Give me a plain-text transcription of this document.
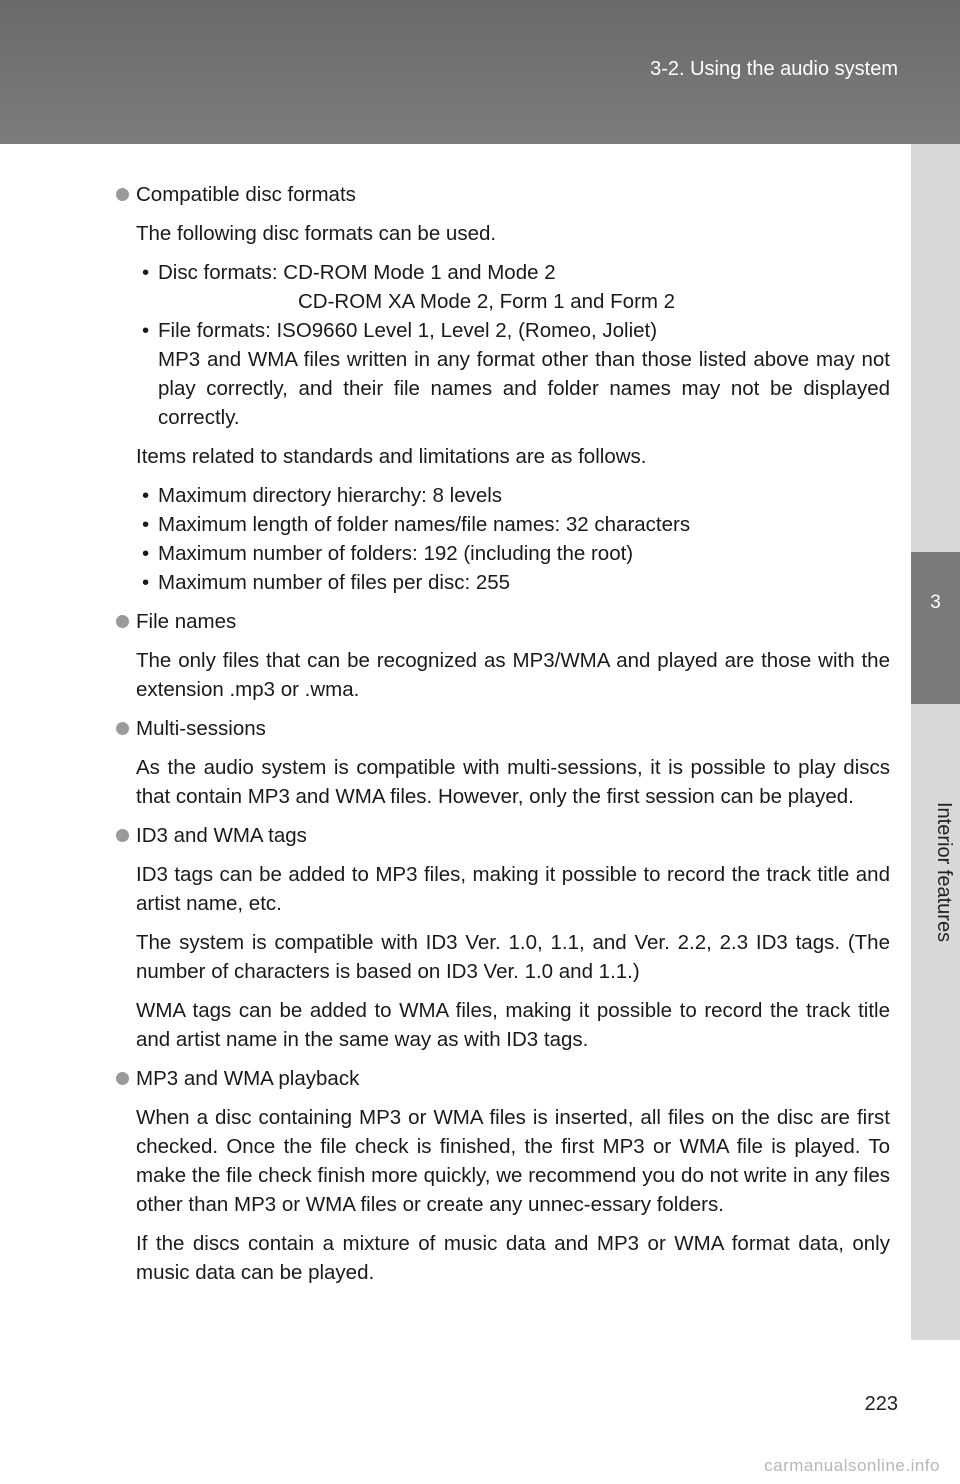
3-2. Using the audio system
3
Interior features
Compatible disc formats

The following disc formats can be used.

• Disc formats: CD-ROM Mode 1 and Mode 2
CD-ROM XA Mode 2, Form 1 and Form 2
• File formats: ISO9660 Level 1, Level 2, (Romeo, Joliet)
MP3 and WMA files written in any format other than those listed above may not play correctly, and their file names and folder names may not be displayed correctly.

Items related to standards and limitations are as follows.

• Maximum directory hierarchy: 8 levels
• Maximum length of folder names/file names: 32 characters
• Maximum number of folders: 192 (including the root)
• Maximum number of files per disc: 255
File names

The only files that can be recognized as MP3/WMA and played are those with the extension .mp3 or .wma.

Multi-sessions

As the audio system is compatible with multi-sessions, it is possible to play discs that contain MP3 and WMA files. However, only the first session can be played.

ID3 and WMA tags

ID3 tags can be added to MP3 files, making it possible to record the track title and artist name, etc.

The system is compatible with ID3 Ver. 1.0, 1.1, and Ver. 2.2, 2.3 ID3 tags. (The number of characters is based on ID3 Ver. 1.0 and 1.1.)

WMA tags can be added to WMA files, making it possible to record the track title and artist name in the same way as with ID3 tags.

MP3 and WMA playback

When a disc containing MP3 or WMA files is inserted, all files on the disc are first checked. Once the file check is finished, the first MP3 or WMA file is played. To make the file check finish more quickly, we recommend you do not write in any files other than MP3 or WMA files or create any unnec-essary folders.

If the discs contain a mixture of music data and MP3 or WMA format data, only music data can be played.

223
carmanualsonline.info
